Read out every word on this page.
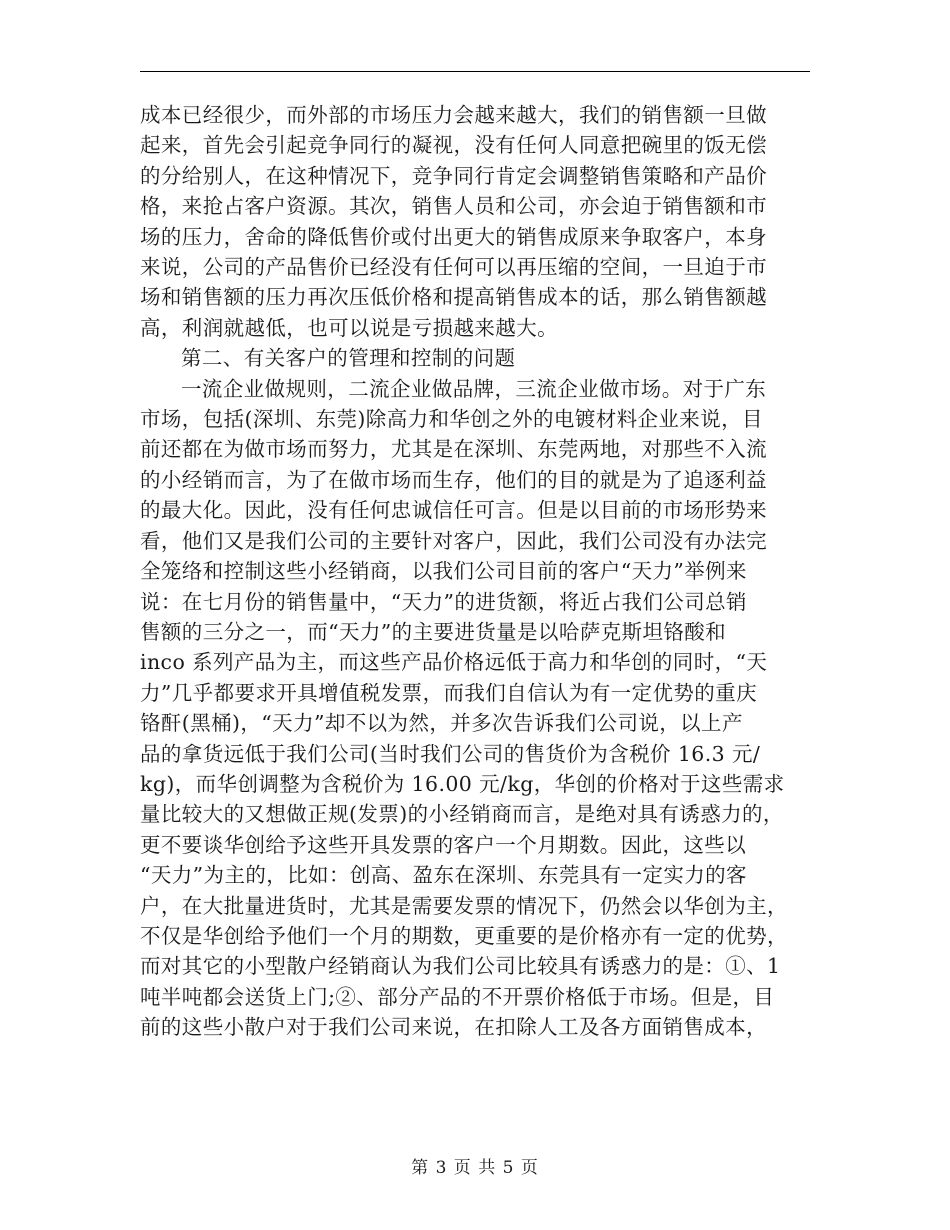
成本已经很少，而外部的市场压力会越来越大，我们的销售额一旦做
起来，首先会引起竞争同行的凝视，没有任何人同意把碗里的饭无偿
的分给别人，在这种情况下，竞争同行肯定会调整销售策略和产品价
格，来抢占客户资源。其次，销售人员和公司，亦会迫于销售额和市
场的压力，舍命的降低售价或付出更大的销售成原来争取客户，本身
来说，公司的产品售价已经没有任何可以再压缩的空间，一旦迫于市
场和销售额的压力再次压低价格和提高销售成本的话，那么销售额越
高，利润就越低，也可以说是亏损越来越大。

第二、有关客户的管理和控制的问题

一流企业做规则，二流企业做品牌，三流企业做市场。对于广东
市场，包括(深圳、东莞)除高力和华创之外的电镀材料企业来说，目
前还都在为做市场而努力，尤其是在深圳、东莞两地，对那些不入流
的小经销而言，为了在做市场而生存，他们的目的就是为了追逐利益
的最大化。因此，没有任何忠诚信任可言。但是以目前的市场形势来
看，他们又是我们公司的主要针对客户，因此，我们公司没有办法完
全笼络和控制这些小经销商，以我们公司目前的客户“天力”举例来
说：在七月份的销售量中，“天力”的进货额，将近占我们公司总销
售额的三分之一，而“天力”的主要进货量是以哈萨克斯坦铬酸和
inco 系列产品为主，而这些产品价格远低于高力和华创的同时，“天
力”几乎都要求开具增值税发票，而我们自信认为有一定优势的重庆
铬酐(黑桶)，“天力”却不以为然，并多次告诉我们公司说，以上产
品的拿货远低于我们公司(当时我们公司的售货价为含税价 16.3 元/
kg)，而华创调整为含税价为 16.00 元/kg，华创的价格对于这些需求
量比较大的又想做正规(发票)的小经销商而言，是绝对具有诱惑力的，
更不要谈华创给予这些开具发票的客户一个月期数。因此，这些以
“天力”为主的，比如：创高、盈东在深圳、东莞具有一定实力的客
户，在大批量进货时，尤其是需要发票的情况下，仍然会以华创为主，
不仅是华创给予他们一个月的期数，更重要的是价格亦有一定的优势，
而对其它的小型散户经销商认为我们公司比较具有诱惑力的是：①、1
吨半吨都会送货上门;②、部分产品的不开票价格低于市场。但是，目
前的这些小散户对于我们公司来说，在扣除人工及各方面销售成本，

第 3 页 共 5 页
